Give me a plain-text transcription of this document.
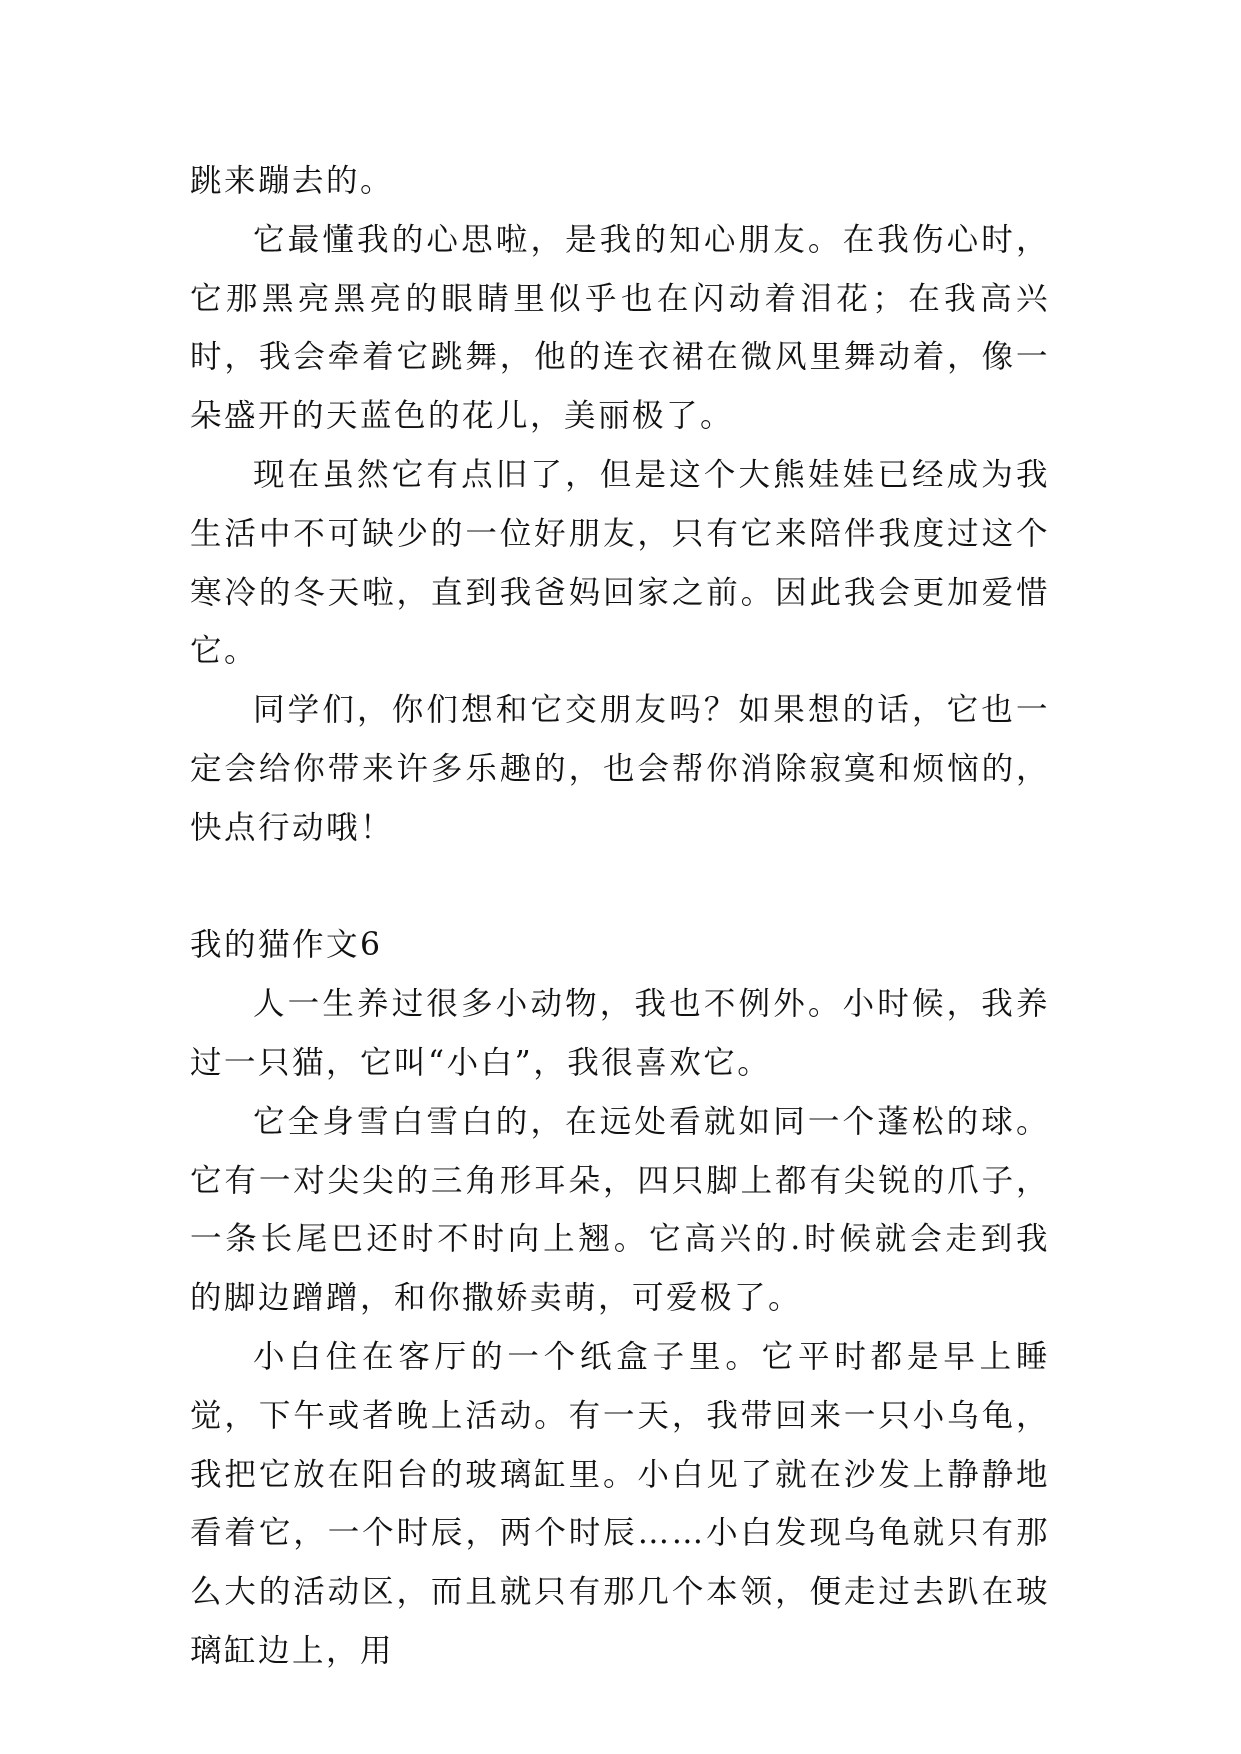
跳来蹦去的。

它最懂我的心思啦，是我的知心朋友。在我伤心时，它那黑亮黑亮的眼睛里似乎也在闪动着泪花；在我高兴时，我会牵着它跳舞，他的连衣裙在微风里舞动着，像一朵盛开的天蓝色的花儿，美丽极了。

现在虽然它有点旧了，但是这个大熊娃娃已经成为我生活中不可缺少的一位好朋友，只有它来陪伴我度过这个寒冷的冬天啦，直到我爸妈回家之前。因此我会更加爱惜它。

同学们，你们想和它交朋友吗？如果想的话，它也一定会给你带来许多乐趣的，也会帮你消除寂寞和烦恼的，快点行动哦！

我的猫作文6

人一生养过很多小动物，我也不例外。小时候，我养过一只猫，它叫“小白”，我很喜欢它。

它全身雪白雪白的，在远处看就如同一个蓬松的球。它有一对尖尖的三角形耳朵，四只脚上都有尖锐的爪子，一条长尾巴还时不时向上翘。它高兴的.时候就会走到我的脚边蹭蹭，和你撒娇卖萌，可爱极了。

小白住在客厅的一个纸盒子里。它平时都是早上睡觉，下午或者晚上活动。有一天，我带回来一只小乌龟，我把它放在阳台的玻璃缸里。小白见了就在沙发上静静地看着它，一个时辰，两个时辰……小白发现乌龟就只有那么大的活动区，而且就只有那几个本领，便走过去趴在玻璃缸边上，用
